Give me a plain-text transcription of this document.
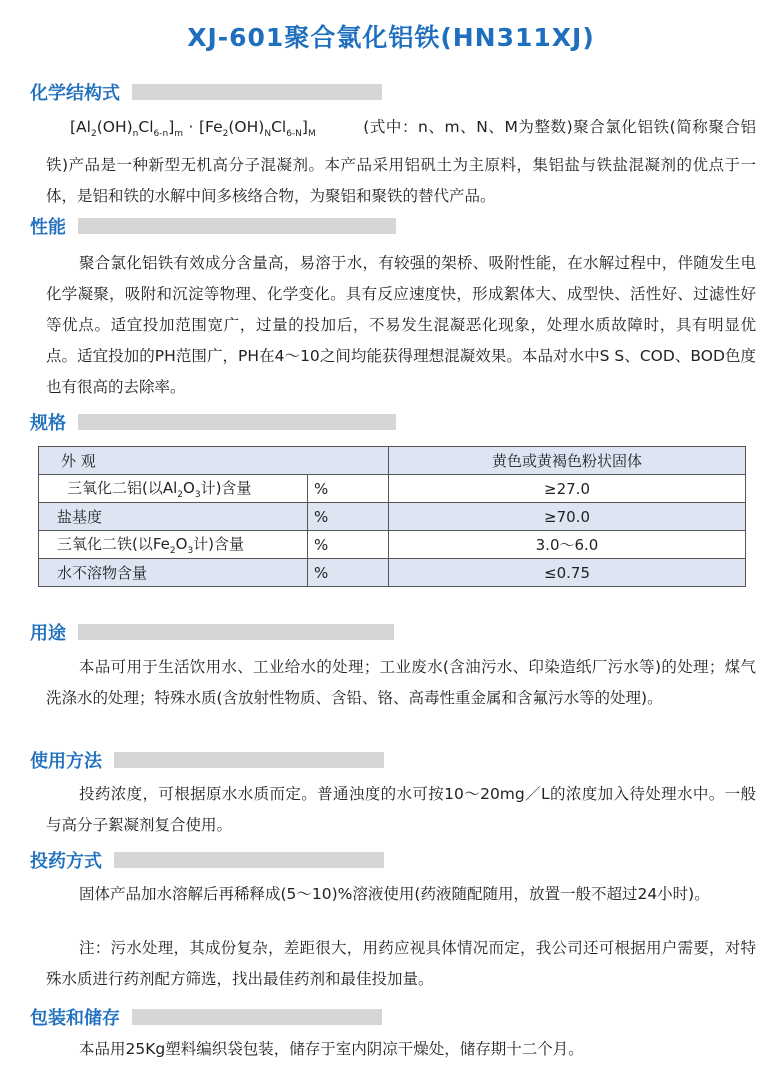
XJ-601聚合氯化铝铁(HN311XJ)
化学结构式
$[Al_2(OH)_nCl_{6-n}]_m \cdot [Fe_2(OH)_NCl_{6-N}]_M$	(式中：n、m、N、M为整数)聚合氯化铝铁(简称聚合铝铁)产品是一种新型无机高分子混凝剂。本产品采用铝矾土为主原料，集铝盐与铁盐混凝剂的优点于一体，是铝和铁的水解中间多核络合物，为聚铝和聚铁的替代产品。
性能
聚合氯化铝铁有效成分含量高，易溶于水，有较强的架桥、吸附性能，在水解过程中，伴随发生电化学凝聚，吸附和沉淀等物理、化学变化。具有反应速度快，形成絮体大、成型快、活性好、过滤性好等优点。适宜投加范围宽广，过量的投加后，不易发生混凝恶化现象，处理水质故障时，具有明显优点。适宜投加的PH范围广，PH在4～10之间均能获得理想混凝效果。本品对水中S S、COD、BOD色度也有很高的去除率。
规格
外 观		黄色或黄褐色粉状固体
三氧化二铝(以$Al_2O_3$计)含量	%	≥27.0
盐基度	%	≥70.0
三氧化二铁(以$Fe_2O_3$计)含量	%	3.0～6.0
水不溶物含量	%	≤0.75
用途
本品可用于生活饮用水、工业给水的处理；工业废水(含油污水、印染造纸厂污水等)的处理；煤气洗涤水的处理；特殊水质(含放射性物质、含铅、铬、高毒性重金属和含氟污水等的处理)。
使用方法
投药浓度，可根据原水水质而定。普通浊度的水可按10～20mg／L的浓度加入待处理水中。一般与高分子絮凝剂复合使用。
投药方式
固体产品加水溶解后再稀释成(5～10)%溶液使用(药液随配随用，放置一般不超过24小时)。
注：污水处理，其成份复杂，差距很大，用药应视具体情况而定，我公司还可根据用户需要，对特殊水质进行药剂配方筛选，找出最佳药剂和最佳投加量。
包装和储存
本品用25Kg塑料编织袋包装，储存于室内阴凉干燥处，储存期十二个月。
